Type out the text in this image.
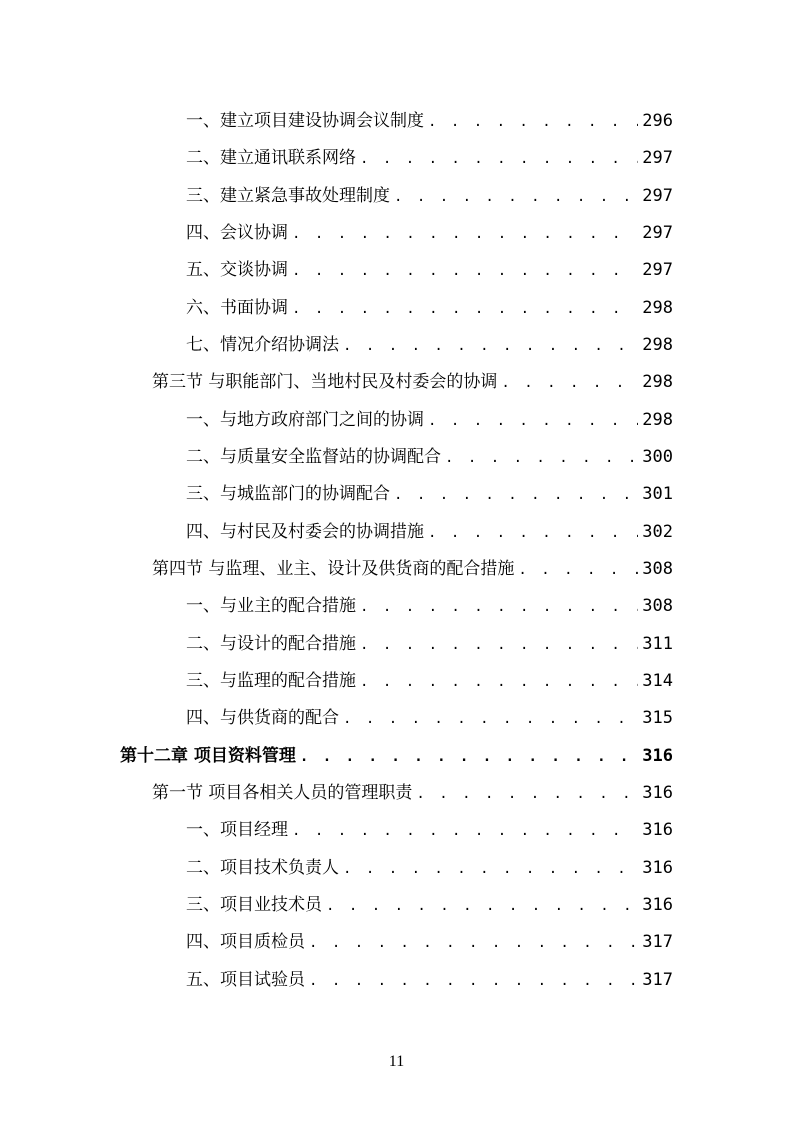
一、建立项目建设协调会议制度 . . .	296
二、建立通讯联系网络 . . .	297
三、建立紧急事故处理制度 . . .	297
四、会议协调 . . .	297
五、交谈协调 . . .	297
六、书面协调 . . .	298
七、情况介绍协调法 . . .	298
第三节 与职能部门、当地村民及村委会的协调 . . .	298
一、与地方政府部门之间的协调 . . .	298
二、与质量安全监督站的协调配合 . . .	300
三、与城监部门的协调配合 . . .	301
四、与村民及村委会的协调措施 . . .	302
第四节 与监理、业主、设计及供货商的配合措施 . . .	308
一、与业主的配合措施 . . .	308
二、与设计的配合措施 . . .	311
三、与监理的配合措施 . . .	314
四、与供货商的配合 . . .	315
第十二章 项目资料管理 . . .	316
第一节 项目各相关人员的管理职责 . . .	316
一、项目经理 . . .	316
二、项目技术负责人 . . .	316
三、项目业技术员 . . .	316
四、项目质检员 . . .	317
五、项目试验员 . . .	317
11
